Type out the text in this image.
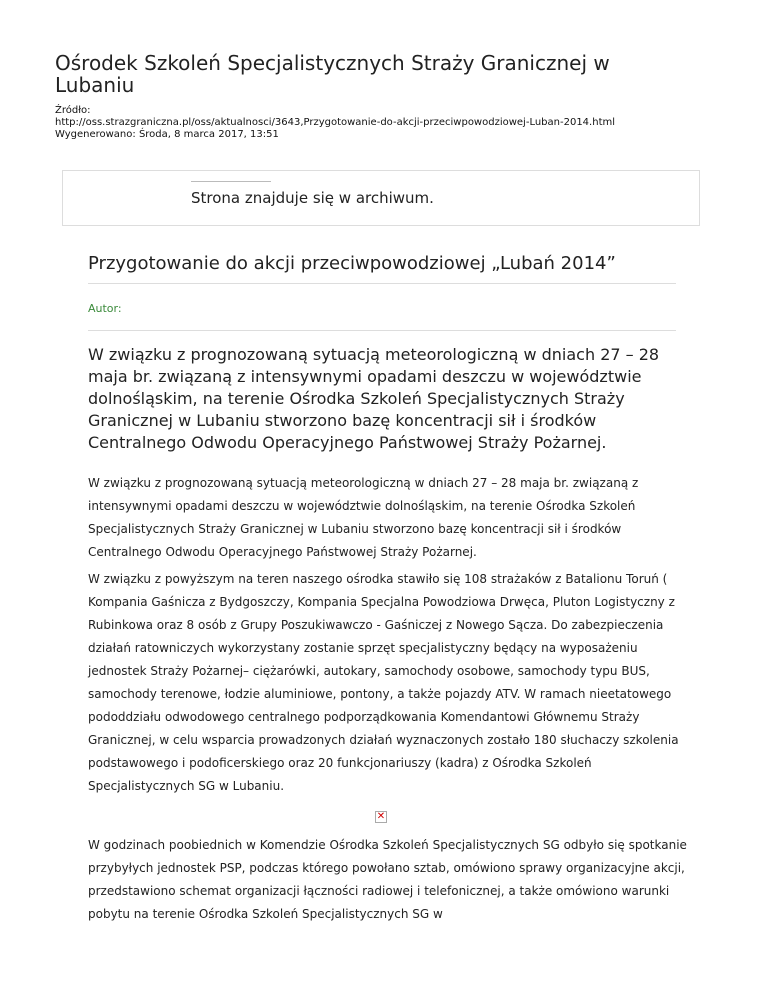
Ośrodek Szkoleń Specjalistycznych Straży Granicznej w Lubaniu
Źródło:
http://oss.strazgraniczna.pl/oss/aktualnosci/3643,Przygotowanie-do-akcji-przeciwpowodziowej-Luban-2014.html
Wygenerowano: Środa, 8 marca 2017, 13:51
Strona znajduje się w archiwum.
Przygotowanie do akcji przeciwpowodziowej „Lubań 2014”
Autor:

W związku z prognozowaną sytuacją meteorologiczną w dniach 27 – 28 maja br. związaną z intensywnymi opadami deszczu w województwie dolnośląskim, na terenie Ośrodka Szkoleń Specjalistycznych Straży Granicznej w Lubaniu stworzono bazę koncentracji sił i środków Centralnego Odwodu Operacyjnego Państwowej Straży Pożarnej.

W związku z prognozowaną sytuacją meteorologiczną w dniach 27 – 28 maja br. związaną z intensywnymi opadami deszczu w województwie dolnośląskim, na terenie Ośrodka Szkoleń Specjalistycznych Straży Granicznej w Lubaniu stworzono bazę koncentracji sił i środków Centralnego Odwodu Operacyjnego Państwowej Straży Pożarnej.

W związku z powyższym na teren naszego ośrodka stawiło się 108 strażaków z Batalionu Toruń ( Kompania Gaśnicza z Bydgoszczy, Kompania Specjalna Powodziowa Drwęca, Pluton Logistyczny z Rubinkowa oraz 8 osób z Grupy Poszukiwawczo - Gaśniczej z Nowego Sącza. Do zabezpieczenia działań ratowniczych wykorzystany zostanie sprzęt specjalistyczny będący na wyposażeniu jednostek Straży Pożarnej– ciężarówki, autokary, samochody osobowe, samochody typu BUS, samochody terenowe, łodzie aluminiowe, pontony, a także pojazdy ATV. W ramach nieetatowego pododdziału odwodowego centralnego podporządkowania Komendantowi Głównemu Straży Granicznej, w celu wsparcia prowadzonych działań wyznaczonych zostało 180 słuchaczy szkolenia podstawowego i podoficerskiego oraz 20 funkcjonariuszy (kadra) z Ośrodka Szkoleń Specjalistycznych SG w Lubaniu.

✕

W godzinach poobiednich w Komendzie Ośrodka Szkoleń Specjalistycznych SG odbyło się spotkanie przybyłych jednostek PSP, podczas którego powołano sztab, omówiono sprawy organizacyjne akcji, przedstawiono schemat organizacji łączności radiowej i telefonicznej, a także omówiono warunki pobytu na terenie Ośrodka Szkoleń Specjalistycznych SG w
